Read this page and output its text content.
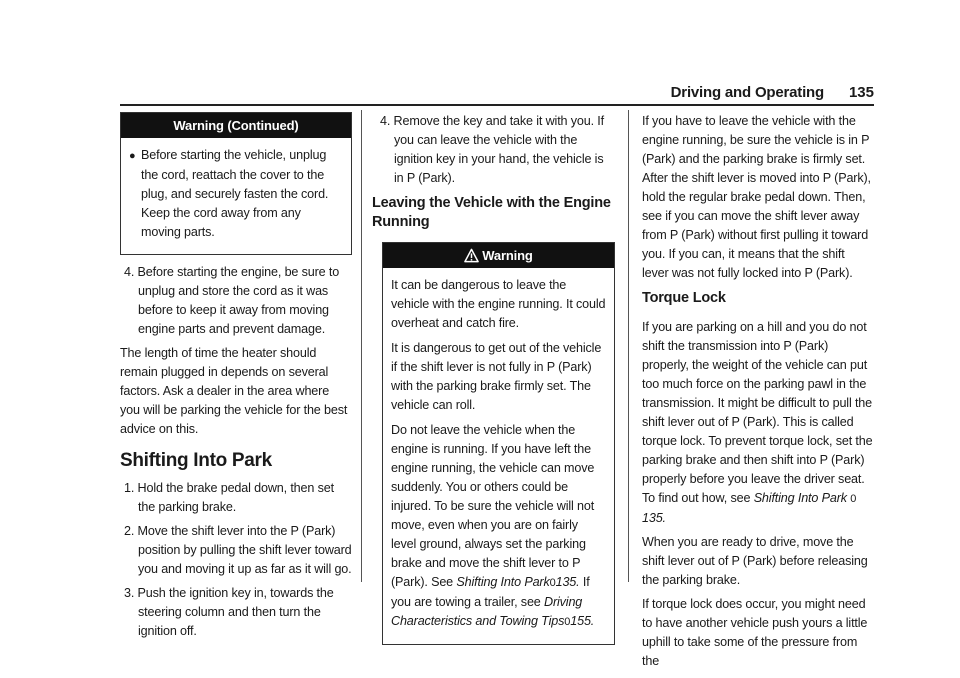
Driving and Operating 135
Warning (Continued)

● Before starting the vehicle, unplug the cord, reattach the cover to the plug, and securely fasten the cord. Keep the cord away from any moving parts.

4. Before starting the engine, be sure to unplug and store the cord as it was before to keep it away from moving engine parts and prevent damage.

The length of time the heater should remain plugged in depends on several factors. Ask a dealer in the area where you will be parking the vehicle for the best advice on this.

Shifting Into Park

1. Hold the brake pedal down, then set the parking brake.

2. Move the shift lever into the P (Park) position by pulling the shift lever toward you and moving it up as far as it will go.

3. Push the ignition key in, towards the steering column and then turn the ignition off.

4. Remove the key and take it with you. If you can leave the vehicle with the ignition key in your hand, the vehicle is in P (Park).

Leaving the Vehicle with the Engine Running
Warning

It can be dangerous to leave the vehicle with the engine running. It could overheat and catch fire.

It is dangerous to get out of the vehicle if the shift lever is not fully in P (Park) with the parking brake firmly set. The vehicle can roll.

Do not leave the vehicle when the engine is running. If you have left the engine running, the vehicle can move suddenly. You or others could be injured. To be sure the vehicle will not move, even when you are on fairly level ground, always set the parking brake and move the shift lever to P (Park). See Shifting Into Park0135. If you are towing a trailer, see Driving Characteristics and Towing Tips0155.

If you have to leave the vehicle with the engine running, be sure the vehicle is in P (Park) and the parking brake is firmly set. After the shift lever is moved into P (Park), hold the regular brake pedal down. Then, see if you can move the shift lever away from P (Park) without first pulling it toward you. If you can, it means that the shift lever was not fully locked into P (Park).

Torque Lock

If you are parking on a hill and you do not shift the transmission into P (Park) properly, the weight of the vehicle can put too much force on the parking pawl in the transmission. It might be difficult to pull the shift lever out of P (Park). This is called torque lock. To prevent torque lock, set the parking brake and then shift into P (Park) properly before you leave the driver seat. To find out how, see Shifting Into Park 0 135.

When you are ready to drive, move the shift lever out of P (Park) before releasing the parking brake.

If torque lock does occur, you might need to have another vehicle push yours a little uphill to take some of the pressure from the
